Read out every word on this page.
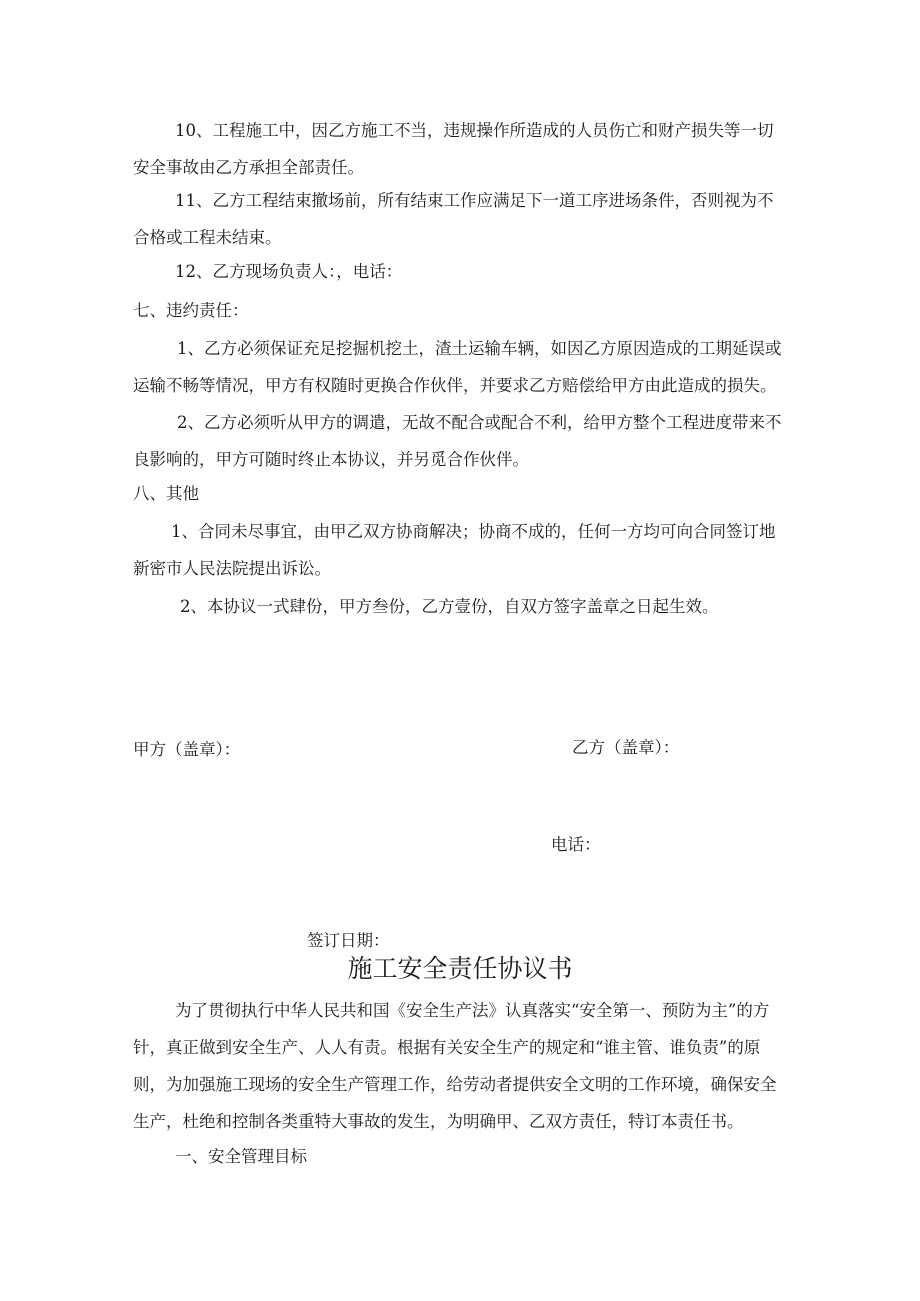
10、工程施工中，因乙方施工不当，违规操作所造成的人员伤亡和财产损失等一切安全事故由乙方承担全部责任。

11、乙方工程结束撤场前，所有结束工作应满足下一道工序进场条件，否则视为不合格或工程未结束。

12、乙方现场负责人：，电话：
七、违约责任：

1、乙方必须保证充足挖掘机挖土，渣土运输车辆，如因乙方原因造成的工期延误或运输不畅等情况，甲方有权随时更换合作伙伴，并要求乙方赔偿给甲方由此造成的损失。

2、乙方必须听从甲方的调遣，无故不配合或配合不利，给甲方整个工程进度带来不良影响的，甲方可随时终止本协议，并另觅合作伙伴。

八、其他

1、合同未尽事宜，由甲乙双方协商解决；协商不成的，任何一方均可向合同签订地新密市人民法院提出诉讼。

2、本协议一式肆份，甲方叁份，乙方壹份，自双方签字盖章之日起生效。
甲方（盖章）：	乙方（盖章）：
电话：
签订日期：
施工安全责任协议书

为了贯彻执行中华人民共和国《安全生产法》认真落实“安全第一、预防为主”的方针，真正做到安全生产、人人有责。根据有关安全生产的规定和“谁主管、谁负责”的原则，为加强施工现场的安全生产管理工作，给劳动者提供安全文明的工作环境，确保安全生产，杜绝和控制各类重特大事故的发生，为明确甲、乙双方责任，特订本责任书。

一、安全管理目标
